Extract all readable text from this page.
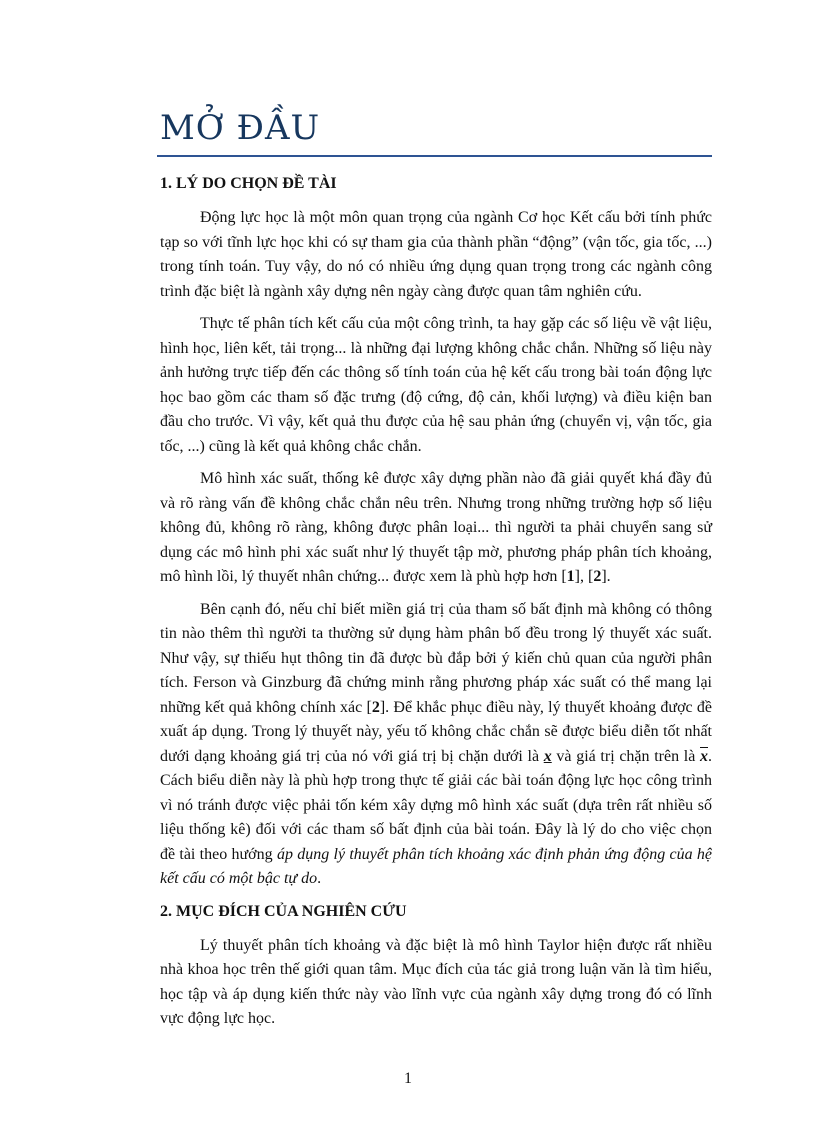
MỞ ĐẦU
1. LÝ DO CHỌN ĐỀ TÀI

Động lực học là một môn quan trọng của ngành Cơ học Kết cấu bởi tính phức tạp so với tĩnh lực học khi có sự tham gia của thành phần “động” (vận tốc, gia tốc, ...) trong tính toán. Tuy vậy, do nó có nhiều ứng dụng quan trọng trong các ngành công trình đặc biệt là ngành xây dựng nên ngày càng được quan tâm nghiên cứu.

Thực tế phân tích kết cấu của một công trình, ta hay gặp các số liệu về vật liệu, hình học, liên kết, tải trọng... là những đại lượng không chắc chắn. Những số liệu này ảnh hưởng trực tiếp đến các thông số tính toán của hệ kết cấu trong bài toán động lực học bao gồm các tham số đặc trưng (độ cứng, độ cản, khối lượng) và điều kiện ban đầu cho trước. Vì vậy, kết quả thu được của hệ sau phản ứng (chuyển vị, vận tốc, gia tốc, ...) cũng là kết quả không chắc chắn.

Mô hình xác suất, thống kê được xây dựng phần nào đã giải quyết khá đầy đủ và rõ ràng vấn đề không chắc chắn nêu trên. Nhưng trong những trường hợp số liệu không đủ, không rõ ràng, không được phân loại... thì người ta phải chuyển sang sử dụng các mô hình phi xác suất như lý thuyết tập mờ, phương pháp phân tích khoảng, mô hình lồi, lý thuyết nhân chứng... được xem là phù hợp hơn [1], [2].

Bên cạnh đó, nếu chỉ biết miền giá trị của tham số bất định mà không có thông tin nào thêm thì người ta thường sử dụng hàm phân bố đều trong lý thuyết xác suất. Như vậy, sự thiếu hụt thông tin đã được bù đắp bởi ý kiến chủ quan của người phân tích. Ferson và Ginzburg đã chứng minh rằng phương pháp xác suất có thể mang lại những kết quả không chính xác [2]. Để khắc phục điều này, lý thuyết khoảng được đề xuất áp dụng. Trong lý thuyết này, yếu tố không chắc chắn sẽ được biểu diễn tốt nhất dưới dạng khoảng giá trị của nó với giá trị bị chặn dưới là x và giá trị chặn trên là $\overline{x}$. Cách biểu diễn này là phù hợp trong thực tế giải các bài toán động lực học công trình vì nó tránh được việc phải tốn kém xây dựng mô hình xác suất (dựa trên rất nhiều số liệu thống kê) đối với các tham số bất định của bài toán. Đây là lý do cho việc chọn đề tài theo hướng áp dụng lý thuyết phân tích khoảng xác định phản ứng động của hệ kết cấu có một bậc tự do.

2. MỤC ĐÍCH CỦA NGHIÊN CỨU

Lý thuyết phân tích khoảng và đặc biệt là mô hình Taylor hiện được rất nhiều nhà khoa học trên thế giới quan tâm. Mục đích của tác giả trong luận văn là tìm hiểu, học tập và áp dụng kiến thức này vào lĩnh vực của ngành xây dựng trong đó có lĩnh vực động lực học.

1
